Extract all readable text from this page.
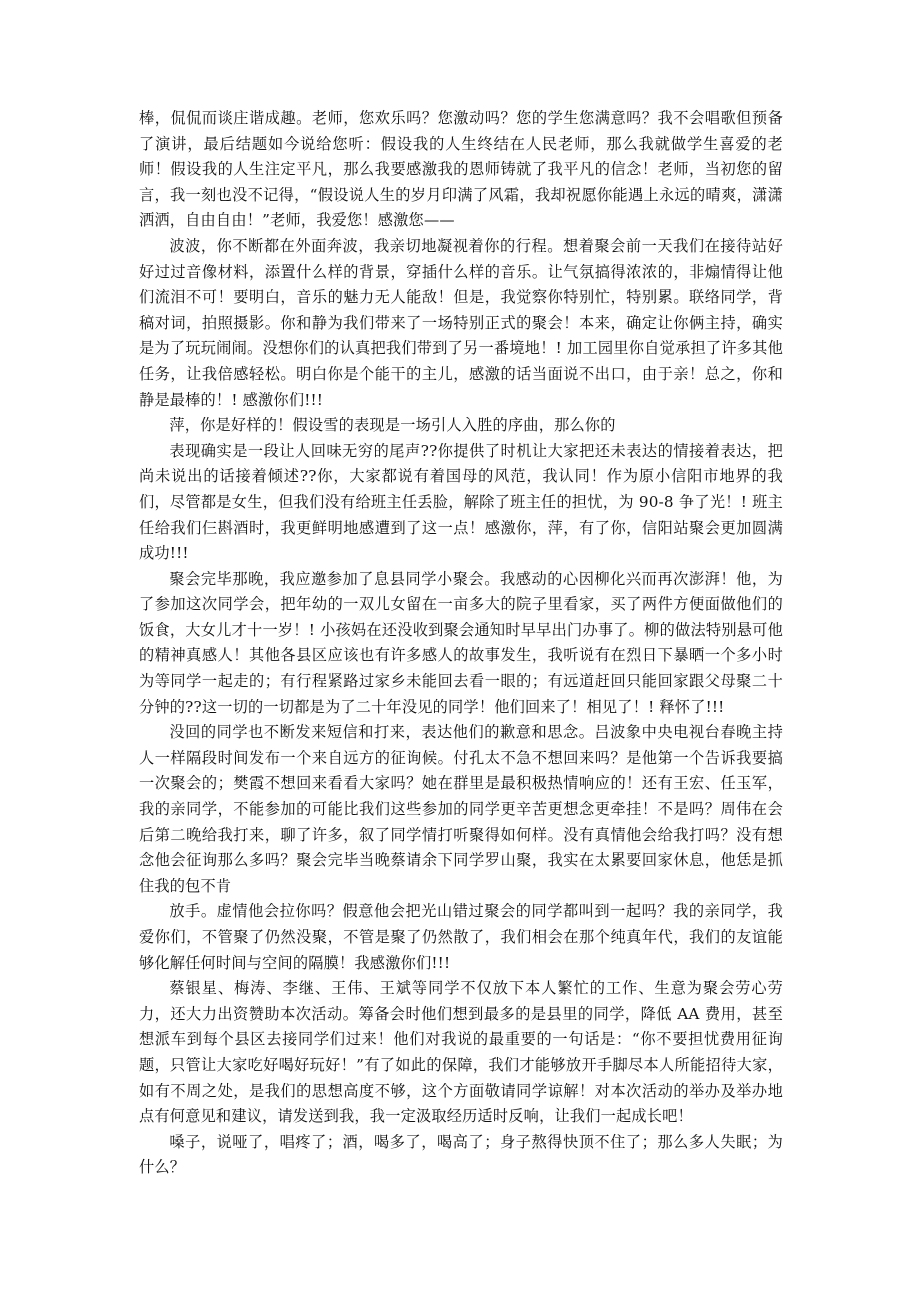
棒，侃侃而谈庄谐成趣。老师，您欢乐吗？您激动吗？您的学生您满意吗？我不会唱歌但预备了演讲，最后结题如今说给您听：假设我的人生终结在人民老师，那么我就做学生喜爱的老师！假设我的人生注定平凡，那么我要感激我的恩师铸就了我平凡的信念！老师，当初您的留言，我一刻也没不记得，“假设说人生的岁月印满了风霜，我却祝愿你能遇上永远的晴爽，潇潇洒洒，自由自由！”老师，我爱您！感激您——

波波，你不断都在外面奔波，我亲切地凝视着你的行程。想着聚会前一天我们在接待站好好过过音像材料，添置什么样的背景，穿插什么样的音乐。让气氛搞得浓浓的，非煽情得让他们流泪不可！要明白，音乐的魅力无人能敌！但是，我觉察你特别忙，特别累。联络同学，背稿对词，拍照摄影。你和静为我们带来了一场特别正式的聚会！本来，确定让你俩主持，确实是为了玩玩闹闹。没想你们的认真把我们带到了另一番境地！! 加工园里你自觉承担了许多其他任务，让我倍感轻松。明白你是个能干的主儿，感激的话当面说不出口，由于亲！总之，你和静是最棒的！! 感激你们!!!

萍，你是好样的！假设雪的表现是一场引人入胜的序曲，那么你的

表现确实是一段让人回味无穷的尾声??你提供了时机让大家把还未表达的情接着表达，把尚未说出的话接着倾述??你，大家都说有着国母的风范，我认同！作为原小信阳市地界的我们，尽管都是女生，但我们没有给班主任丢脸，解除了班主任的担忧，为 90-8 争了光！! 班主任给我们仨斟酒时，我更鲜明地感遭到了这一点！感激你，萍，有了你，信阳站聚会更加圆满成功!!!

聚会完毕那晚，我应邀参加了息县同学小聚会。我感动的心因柳化兴而再次澎湃！他，为了参加这次同学会，把年幼的一双儿女留在一亩多大的院子里看家，买了两件方便面做他们的饭食，大女儿才十一岁！! 小孩妈在还没收到聚会通知时早早出门办事了。柳的做法特别悬可他的精神真感人！其他各县区应该也有许多感人的故事发生，我听说有在烈日下暴晒一个多小时为等同学一起走的；有行程紧路过家乡未能回去看一眼的；有远道赶回只能回家跟父母聚二十分钟的??这一切的一切都是为了二十年没见的同学！他们回来了！相见了！! 释怀了!!!

没回的同学也不断发来短信和打来，表达他们的歉意和思念。吕波象中央电视台春晚主持人一样隔段时间发布一个来自远方的征询候。付孔太不急不想回来吗？是他第一个告诉我要搞一次聚会的；樊霞不想回来看看大家吗？她在群里是最积极热情响应的！还有王宏、任玉军，我的亲同学，不能参加的可能比我们这些参加的同学更辛苦更想念更牵挂！不是吗？周伟在会后第二晚给我打来，聊了许多，叙了同学情打听聚得如何样。没有真情他会给我打吗？没有想念他会征询那么多吗？聚会完毕当晚蔡请余下同学罗山聚，我实在太累要回家休息，他恁是抓住我的包不肯

放手。虚情他会拉你吗？假意他会把光山错过聚会的同学都叫到一起吗？我的亲同学，我爱你们，不管聚了仍然没聚，不管是聚了仍然散了，我们相会在那个纯真年代，我们的友谊能够化解任何时间与空间的隔膜！我感激你们!!!

蔡银星、梅涛、李继、王伟、王斌等同学不仅放下本人繁忙的工作、生意为聚会劳心劳力，还大力出资赞助本次活动。筹备会时他们想到最多的是县里的同学，降低 AA 费用，甚至想派车到每个县区去接同学们过来！他们对我说的最重要的一句话是：“你不要担忧费用征询题，只管让大家吃好喝好玩好！”有了如此的保障，我们才能够放开手脚尽本人所能招待大家，如有不周之处，是我们的思想高度不够，这个方面敬请同学谅解！对本次活动的举办及举办地点有何意见和建议，请发送到我，我一定汲取经历适时反响，让我们一起成长吧！

嗓子，说哑了，唱疼了；酒，喝多了，喝高了；身子熬得快顶不住了；那么多人失眠；为什么？
